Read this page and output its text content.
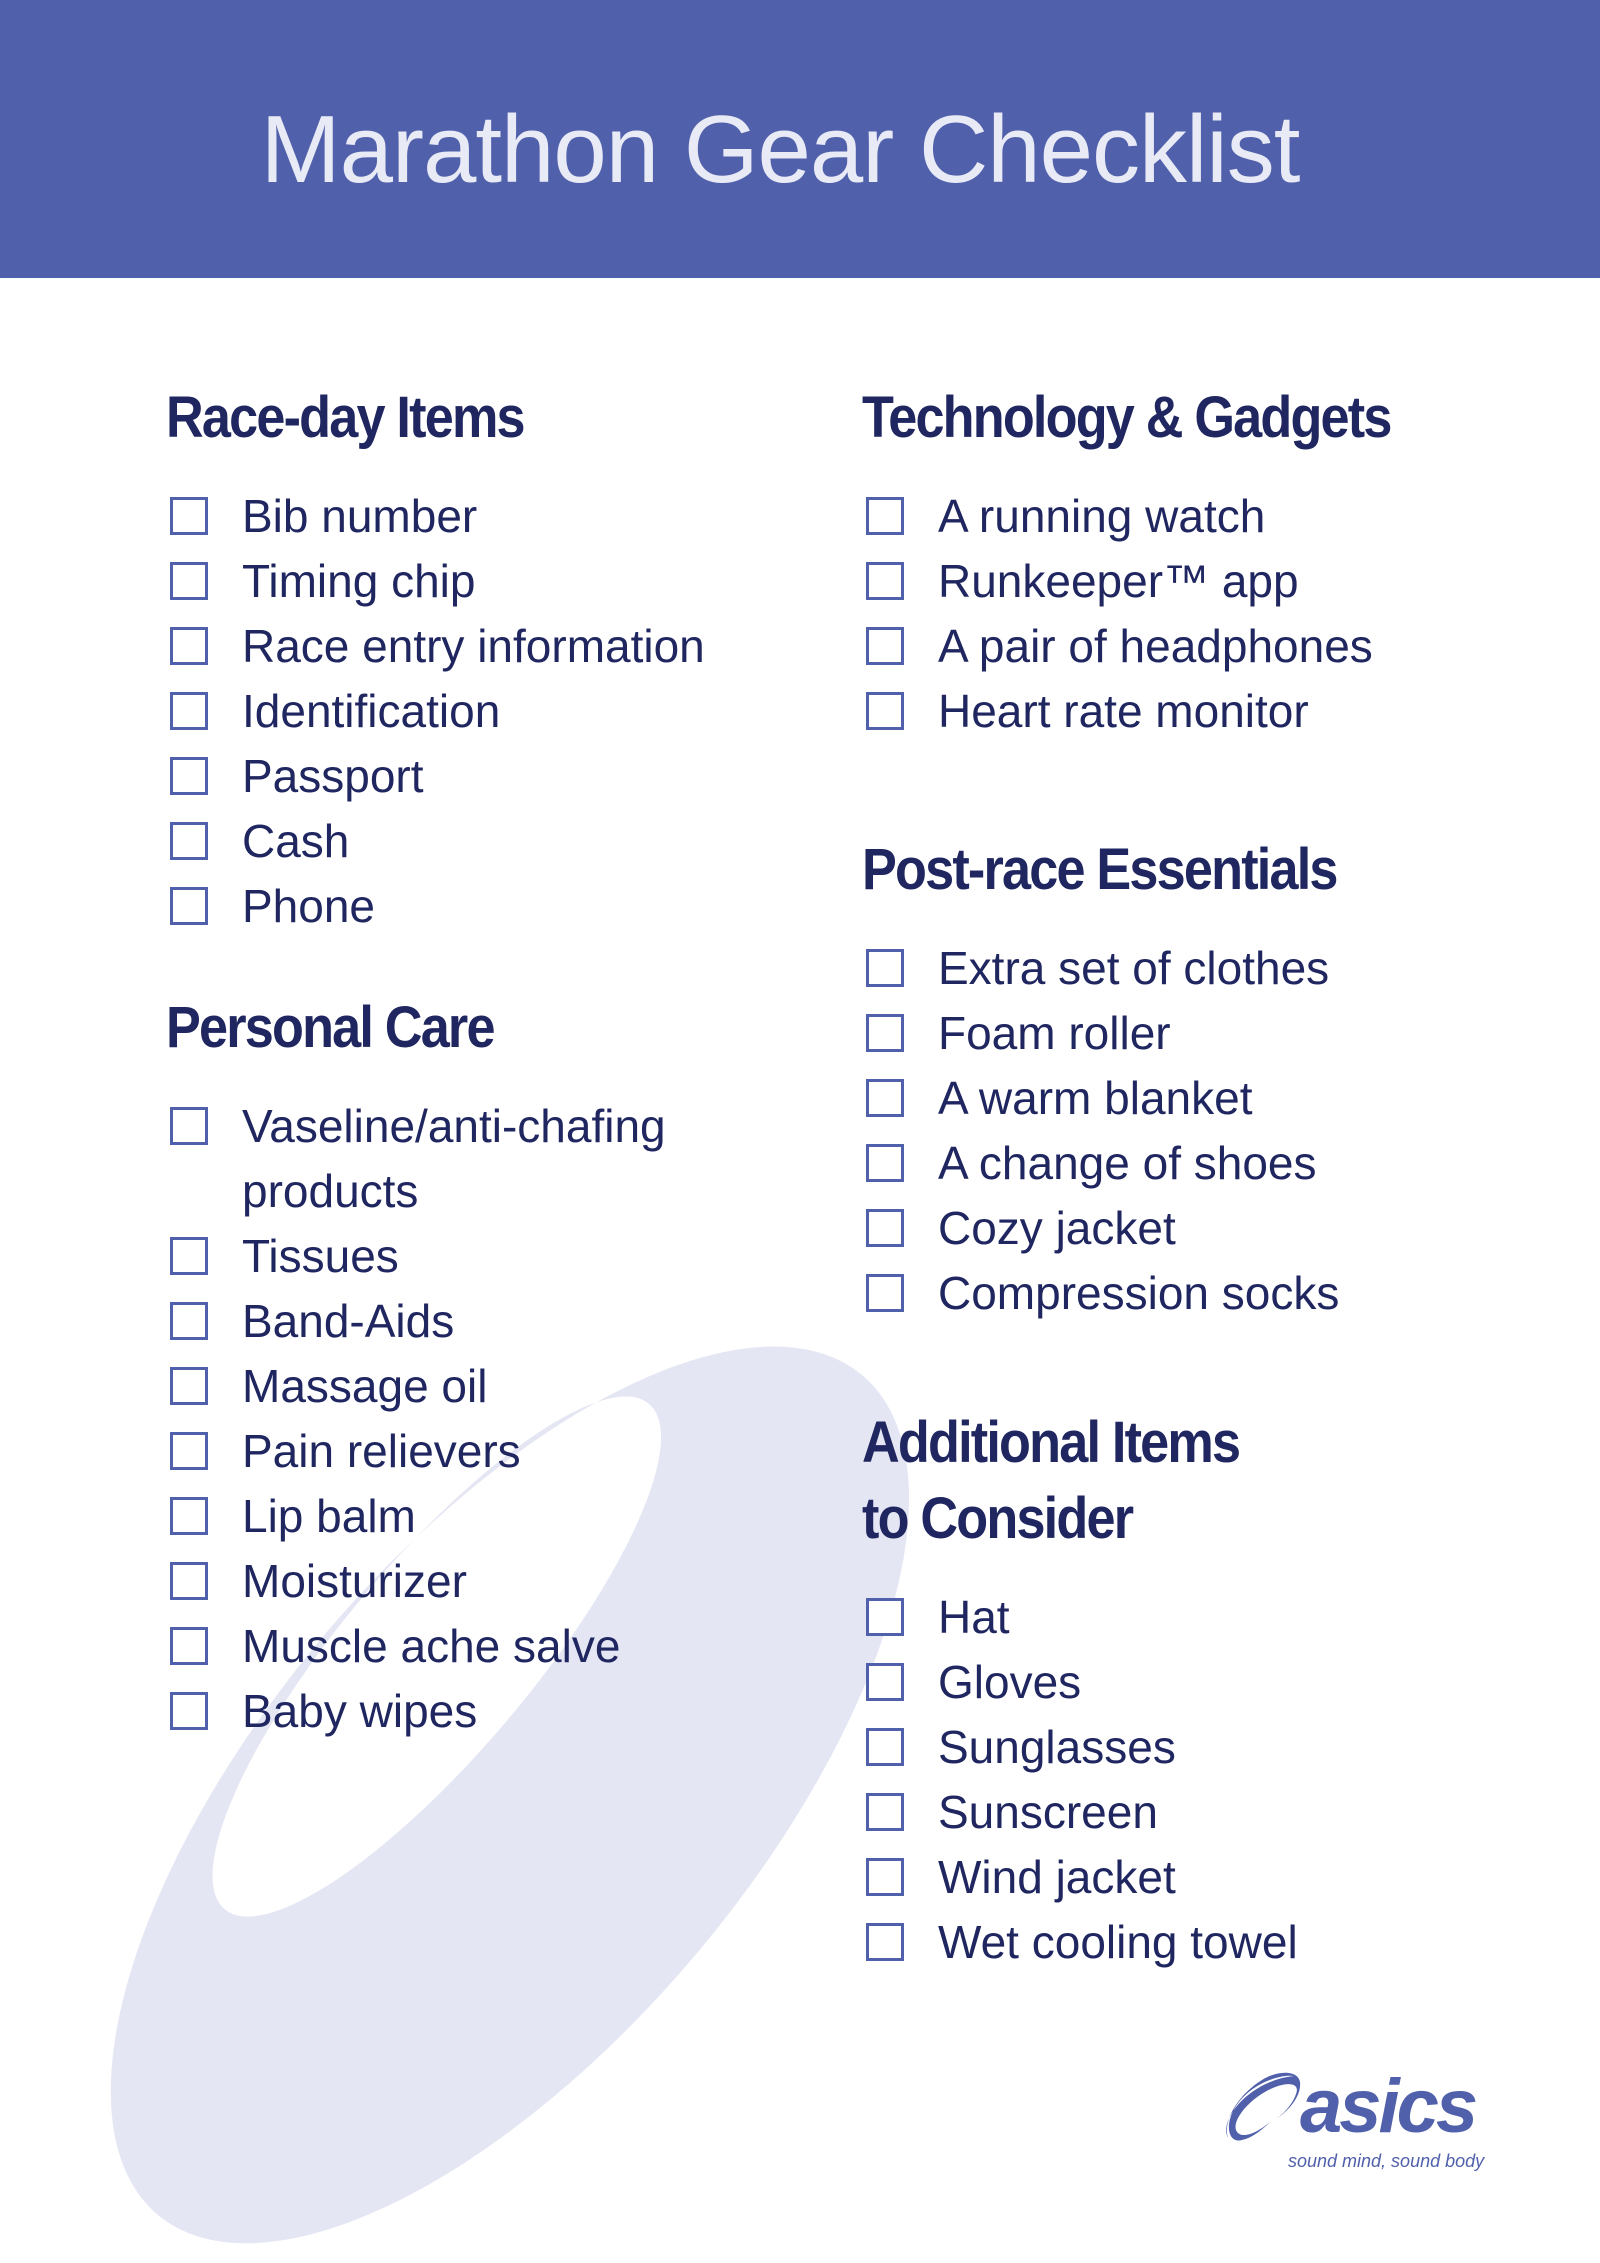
Marathon Gear Checklist
Race-day Items
Bib number
Timing chip
Race entry information
Identification
Passport
Cash
Phone
Personal Care
Vaseline/anti-chafing products
Tissues
Band-Aids
Massage oil
Pain relievers
Lip balm
Moisturizer
Muscle ache salve
Baby wipes
Technology & Gadgets
A running watch
Runkeeper™ app
A pair of headphones
Heart rate monitor
Post-race Essentials
Extra set of clothes
Foam roller
A warm blanket
A change of shoes
Cozy jacket
Compression socks
Additional Items
to Consider
Hat
Gloves
Sunglasses
Sunscreen
Wind jacket
Wet cooling towel
asics
sound mind, sound body
